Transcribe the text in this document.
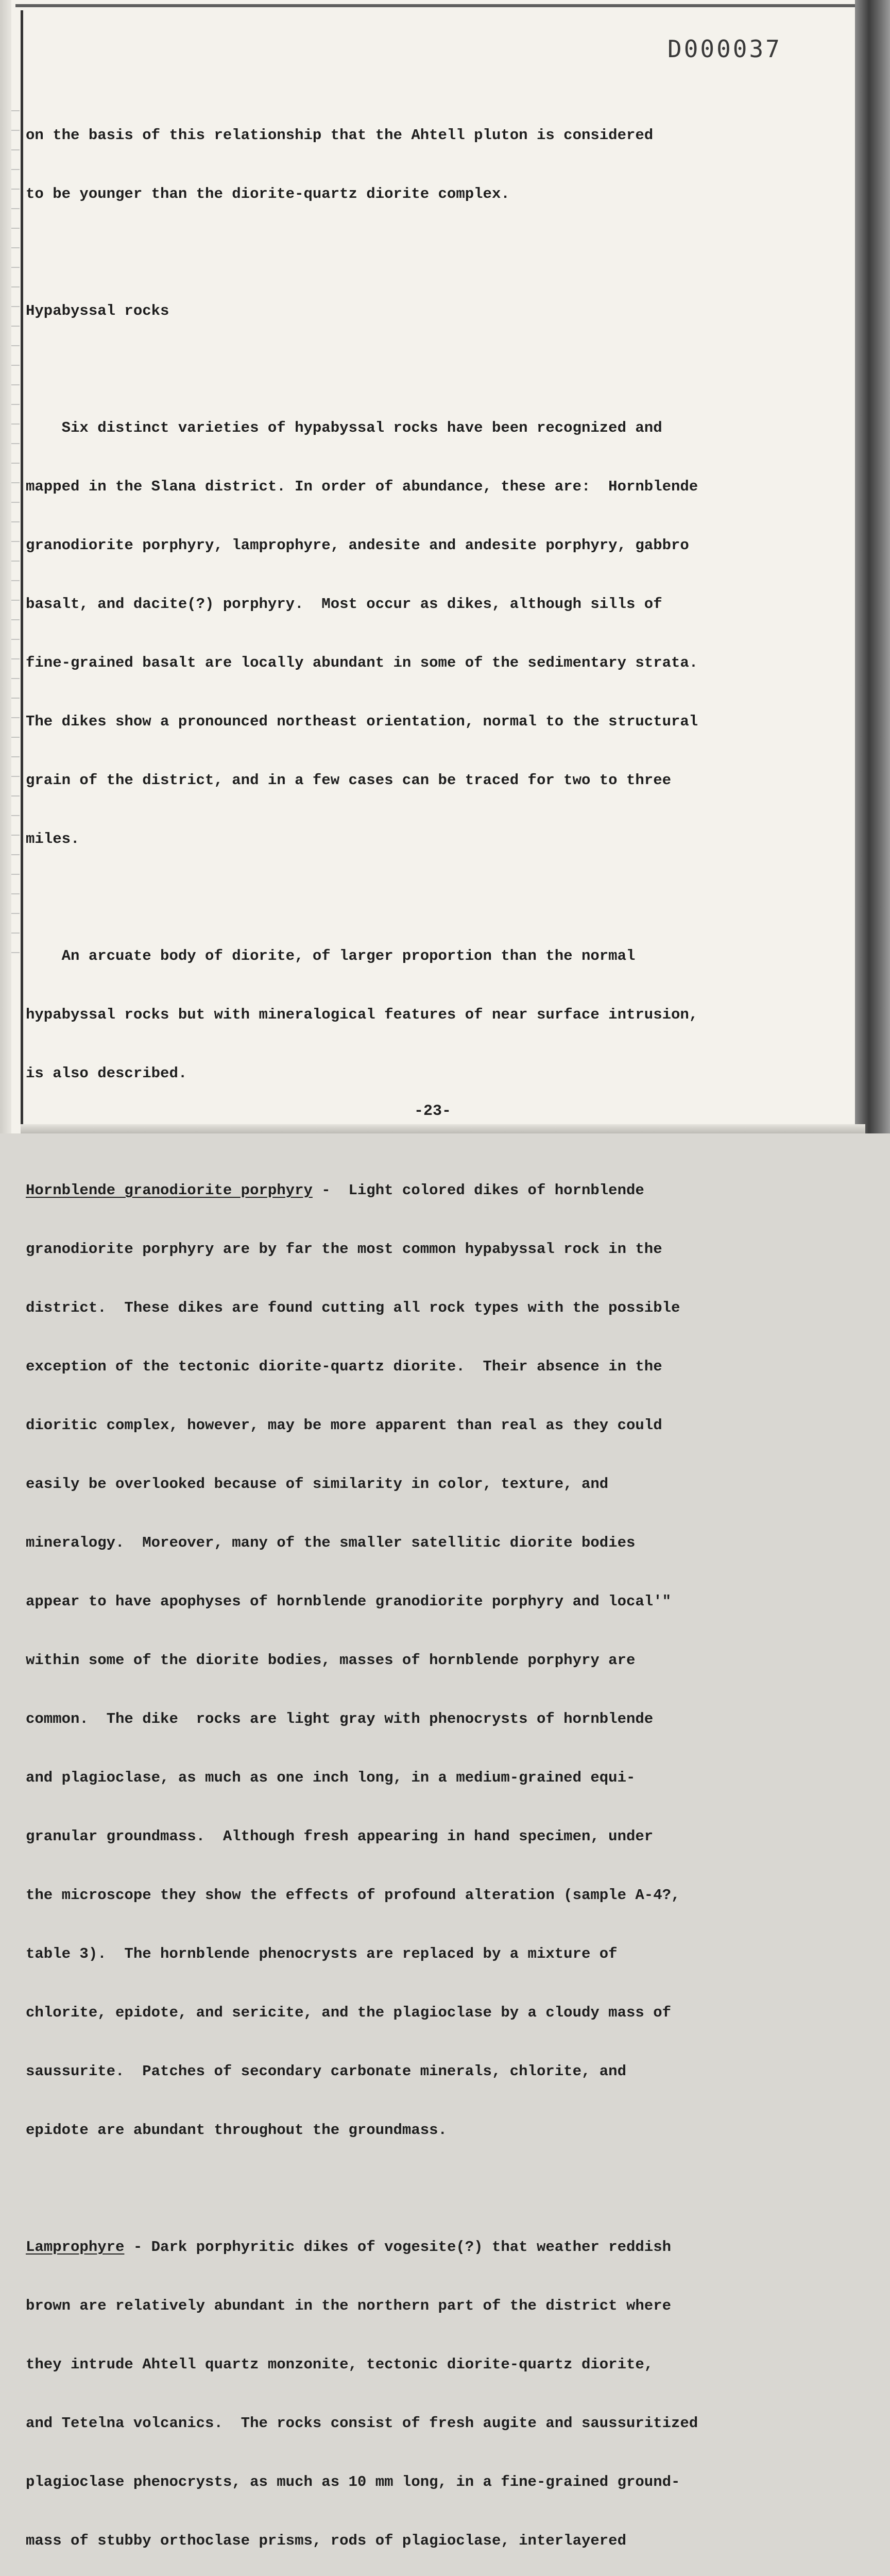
D000037

on the basis of this relationship that the Ahtell pluton is considered

to be younger than the diorite-quartz diorite complex.

Hypabyssal rocks

Six distinct varieties of hypabyssal rocks have been recognized and

mapped in the Slana district. In order of abundance, these are:  Hornblende

granodiorite porphyry, lamprophyre, andesite and andesite porphyry, gabbro

basalt, and dacite(?) porphyry.  Most occur as dikes, although sills of

fine-grained basalt are locally abundant in some of the sedimentary strata.

The dikes show a pronounced northeast orientation, normal to the structural

grain of the district, and in a few cases can be traced for two to three

miles.

An arcuate body of diorite, of larger proportion than the normal

hypabyssal rocks but with mineralogical features of near surface intrusion,

is also described.

Hornblende granodiorite porphyry -  Light colored dikes of hornblende

granodiorite porphyry are by far the most common hypabyssal rock in the

district.  These dikes are found cutting all rock types with the possible

exception of the tectonic diorite-quartz diorite.  Their absence in the

dioritic complex, however, may be more apparent than real as they could

easily be overlooked because of similarity in color, texture, and

mineralogy.  Moreover, many of the smaller satellitic diorite bodies

appear to have apophyses of hornblende granodiorite porphyry and local'"

within some of the diorite bodies, masses of hornblende porphyry are

common.  The dike  rocks are light gray with phenocrysts of hornblende

and plagioclase, as much as one inch long, in a medium-grained equi-

granular groundmass.  Although fresh appearing in hand specimen, under

the microscope they show the effects of profound alteration (sample A-4?,

table 3).  The hornblende phenocrysts are replaced by a mixture of

chlorite, epidote, and sericite, and the plagioclase by a cloudy mass of

saussurite.  Patches of secondary carbonate minerals, chlorite, and

epidote are abundant throughout the groundmass.

Lamprophyre - Dark porphyritic dikes of vogesite(?) that weather reddish

brown are relatively abundant in the northern part of the district where

they intrude Ahtell quartz monzonite, tectonic diorite-quartz diorite,

and Tetelna volcanics.  The rocks consist of fresh augite and saussuritized

plagioclase phenocrysts, as much as 10 mm long, in a fine-grained ground-

mass of stubby orthoclase prisms, rods of plagioclase, interlayered

-23-
